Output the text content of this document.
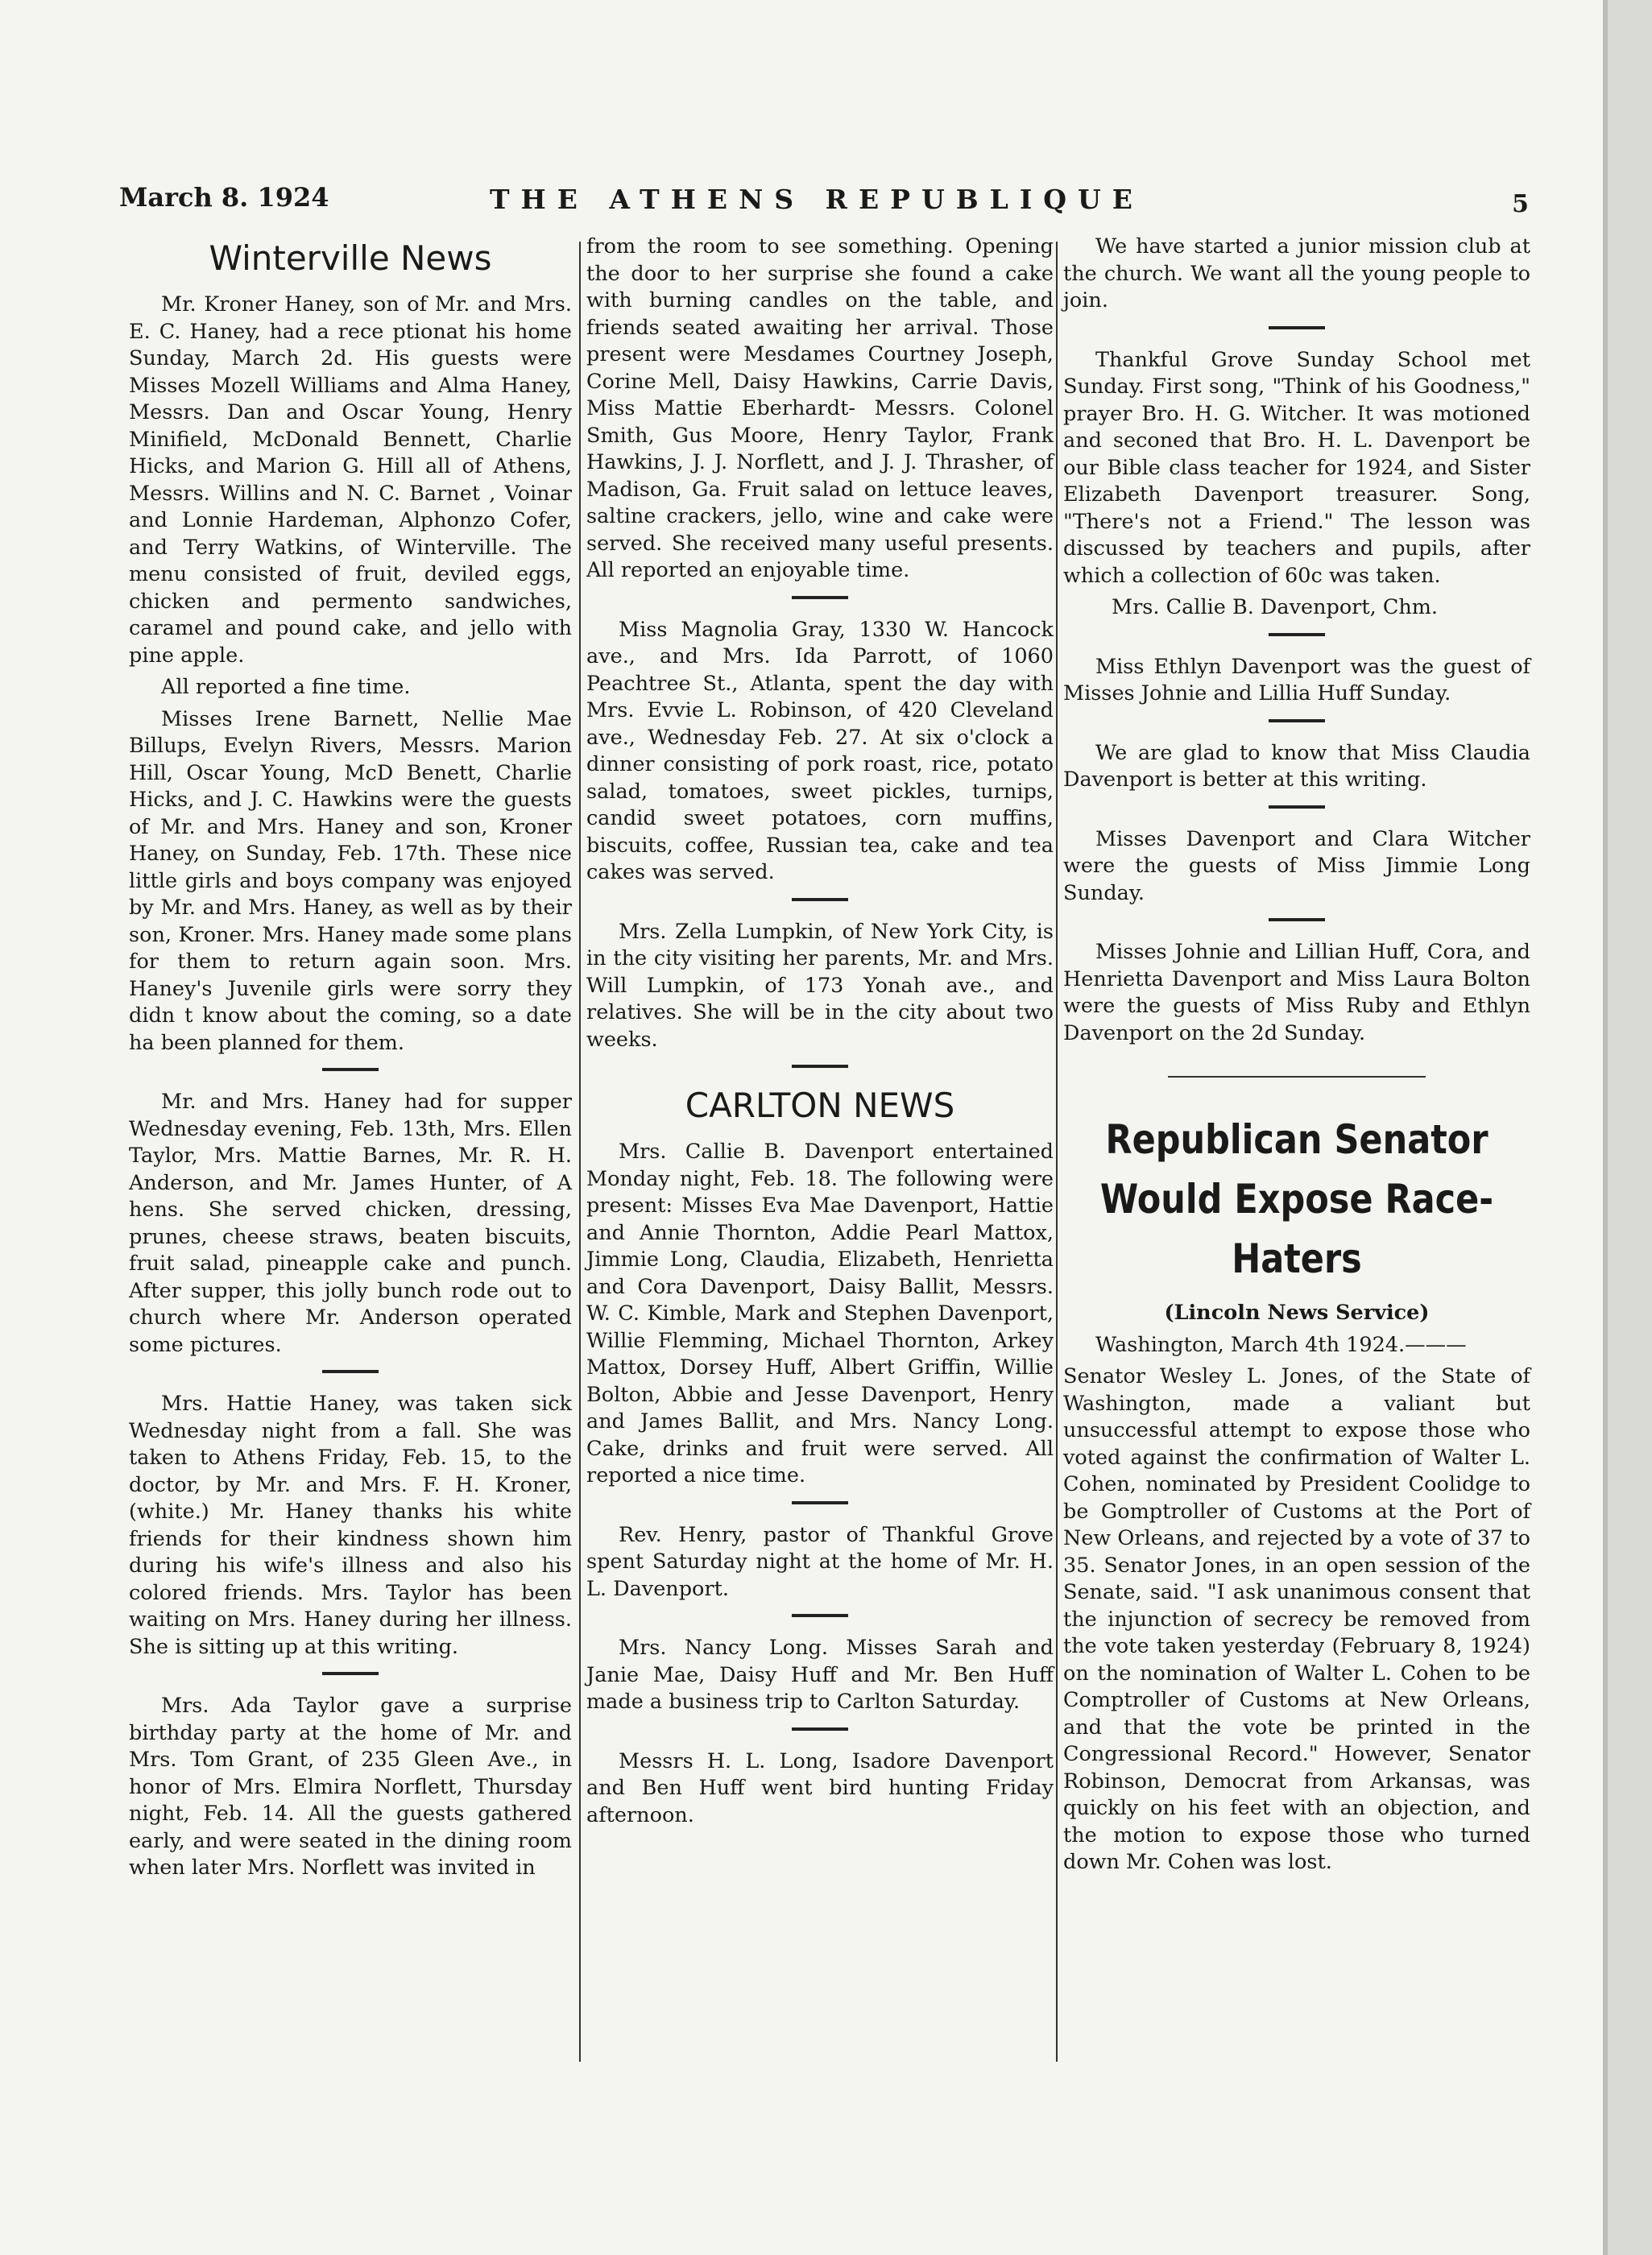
March 8. 1924	THE ATHENS REPUBLIQUE	5
Winterville News

Mr. Kroner Haney, son of Mr. and Mrs. E. C. Haney, had a rece ptionat his home Sunday, March 2d. His guests were Misses Mozell Williams and Alma Haney, Messrs. Dan and Oscar Young, Henry Minifield, McDonald Bennett, Charlie Hicks, and Marion G. Hill all of Athens, Messrs. Willins and N. C. Barnet , Voinar and Lonnie Hardeman, Alphonzo Cofer, and Terry Watkins, of Winterville. The menu consisted of fruit, deviled eggs, chicken and permento sandwiches, caramel and pound cake, and jello with pine apple.

All reported a fine time.

Misses Irene Barnett, Nellie Mae Billups, Evelyn Rivers, Messrs. Marion Hill, Oscar Young, McD Benett, Charlie Hicks, and J. C. Hawkins were the guests of Mr. and Mrs. Haney and son, Kroner Haney, on Sunday, Feb. 17th. These nice little girls and boys company was enjoyed by Mr. and Mrs. Haney, as well as by their son, Kroner. Mrs. Haney made some plans for them to return again soon. Mrs. Haney's Juvenile girls were sorry they didn t know about the coming, so a date ha been planned for them.

Mr. and Mrs. Haney had for supper Wednesday evening, Feb. 13th, Mrs. Ellen Taylor, Mrs. Mattie Barnes, Mr. R. H. Anderson, and Mr. James Hunter, of A hens. She served chicken, dressing, prunes, cheese straws, beaten biscuits, fruit salad, pineapple cake and punch. After supper, this jolly bunch rode out to church where Mr. Anderson operated some pictures.

Mrs. Hattie Haney, was taken sick Wednesday night from a fall. She was taken to Athens Friday, Feb. 15, to the doctor, by Mr. and Mrs. F. H. Kroner, (white.) Mr. Haney thanks his white friends for their kindness shown him during his wife's illness and also his colored friends. Mrs. Taylor has been waiting on Mrs. Haney during her illness. She is sitting up at this writing.

Mrs. Ada Taylor gave a surprise birthday party at the home of Mr. and Mrs. Tom Grant, of 235 Gleen Ave., in honor of Mrs. Elmira Norflett, Thursday night, Feb. 14. All the guests gathered early, and were seated in the dining room when later Mrs. Norflett was invited in

from the room to see something. Opening the door to her surprise she found a cake with burning candles on the table, and friends seated awaiting her arrival. Those present were Mesdames Courtney Joseph, Corine Mell, Daisy Hawkins, Carrie Davis, Miss Mattie Eberhardt- Messrs. Colonel Smith, Gus Moore, Henry Taylor, Frank Hawkins, J. J. Norflett, and J. J. Thrasher, of Madison, Ga. Fruit salad on lettuce leaves, saltine crackers, jello, wine and cake were served. She received many useful presents. All reported an enjoyable time.

Miss Magnolia Gray, 1330 W. Hancock ave., and Mrs. Ida Parrott, of 1060 Peachtree St., Atlanta, spent the day with Mrs. Evvie L. Robinson, of 420 Cleveland ave., Wednesday Feb. 27. At six o'clock a dinner consisting of pork roast, rice, potato salad, tomatoes, sweet pickles, turnips, candid sweet potatoes, corn muffins, biscuits, coffee, Russian tea, cake and tea cakes was served.

Mrs. Zella Lumpkin, of New York City, is in the city visiting her parents, Mr. and Mrs. Will Lumpkin, of 173 Yonah ave., and relatives. She will be in the city about two weeks.

CARLTON NEWS

Mrs. Callie B. Davenport entertained Monday night, Feb. 18. The following were present: Misses Eva Mae Davenport, Hattie and Annie Thornton, Addie Pearl Mattox, Jimmie Long, Claudia, Elizabeth, Henrietta and Cora Davenport, Daisy Ballit, Messrs. W. C. Kimble, Mark and Stephen Davenport, Willie Flemming, Michael Thornton, Arkey Mattox, Dorsey Huff, Albert Griffin, Willie Bolton, Abbie and Jesse Davenport, Henry and James Ballit, and Mrs. Nancy Long. Cake, drinks and fruit were served. All reported a nice time.

Rev. Henry, pastor of Thankful Grove spent Saturday night at the home of Mr. H. L. Davenport.

Mrs. Nancy Long. Misses Sarah and Janie Mae, Daisy Huff and Mr. Ben Huff made a business trip to Carlton Saturday.

Messrs H. L. Long, Isadore Davenport and Ben Huff went bird hunting Friday afternoon.

We have started a junior mission club at the church. We want all the young people to join.

Thankful Grove Sunday School met Sunday. First song, "Think of his Goodness," prayer Bro. H. G. Witcher. It was motioned and seconed that Bro. H. L. Davenport be our Bible class teacher for 1924, and Sister Elizabeth Davenport treasurer. Song, "There's not a Friend." The lesson was discussed by teachers and pupils, after which a collection of 60c was taken.

Mrs. Callie B. Davenport, Chm.

Miss Ethlyn Davenport was the guest of Misses Johnie and Lillia Huff Sunday.

We are glad to know that Miss Claudia Davenport is better at this writing.

Misses Davenport and Clara Witcher were the guests of Miss Jimmie Long Sunday.

Misses Johnie and Lillian Huff, Cora, and Henrietta Davenport and Miss Laura Bolton were the guests of Miss Ruby and Ethlyn Davenport on the 2d Sunday.

Republican Senator Would Expose Race-Haters

(Lincoln News Service)

Washington, March 4th 1924.———

Senator Wesley L. Jones, of the State of Washington, made a valiant but unsuccessful attempt to expose those who voted against the confirmation of Walter L. Cohen, nominated by President Coolidge to be Gomptroller of Customs at the Port of New Orleans, and rejected by a vote of 37 to 35. Senator Jones, in an open session of the Senate, said. "I ask unanimous consent that the injunction of secrecy be removed from the vote taken yesterday (February 8, 1924) on the nomination of Walter L. Cohen to be Comptroller of Customs at New Orleans, and that the vote be printed in the Congressional Record." However, Senator Robinson, Democrat from Arkansas, was quickly on his feet with an objection, and the motion to expose those who turned down Mr. Cohen was lost.
